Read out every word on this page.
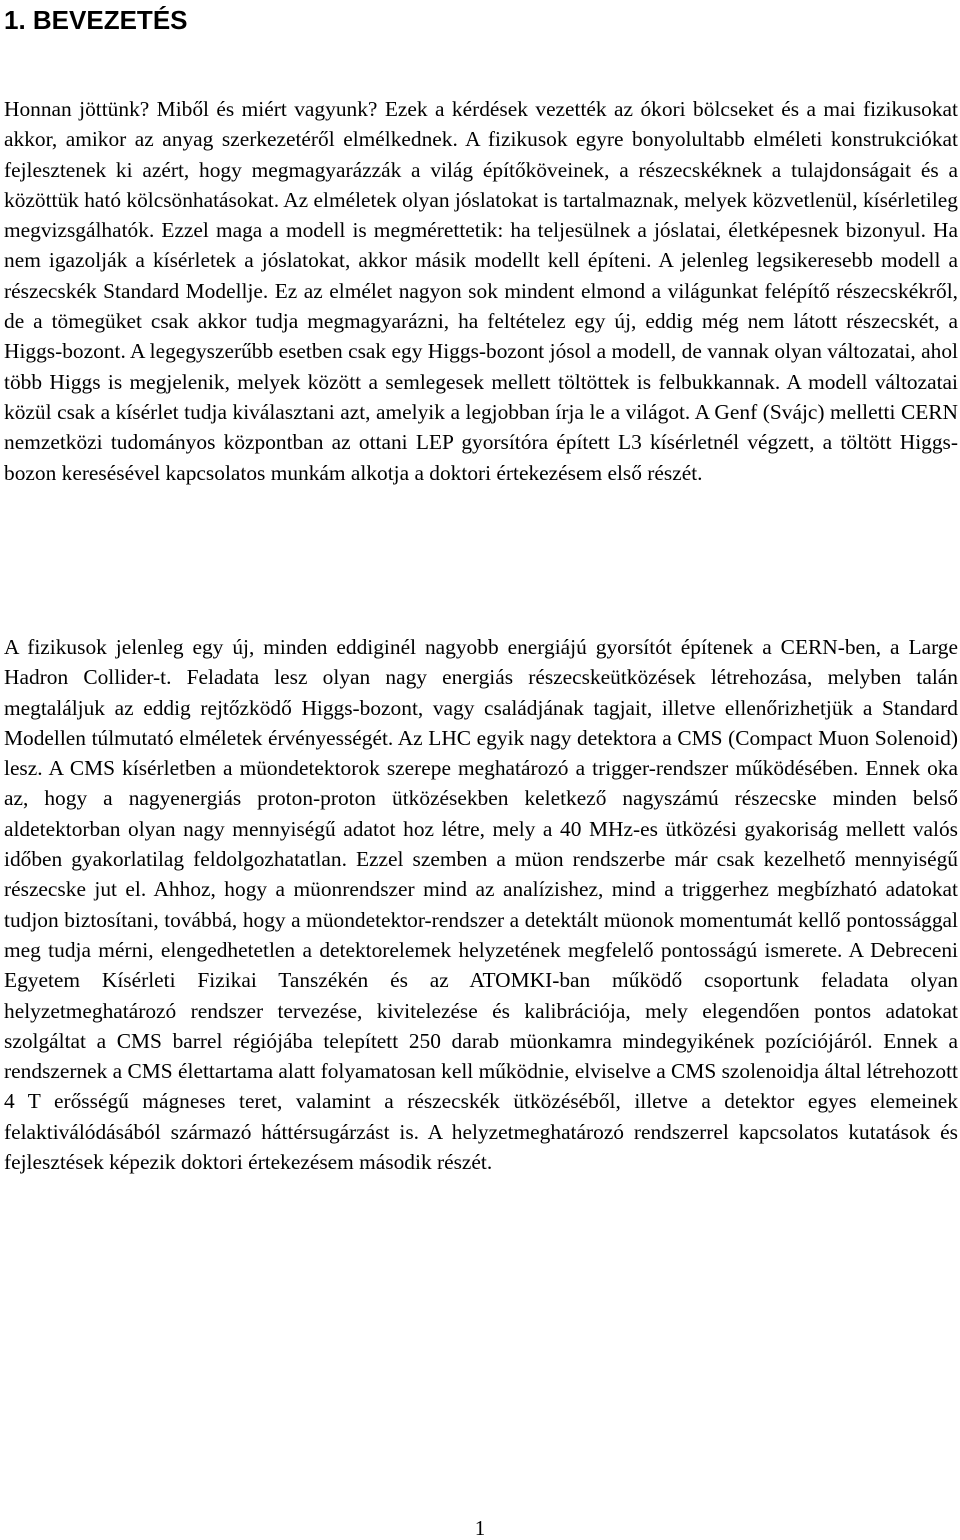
1. BEVEZETÉS

Honnan jöttünk? Miből és miért vagyunk? Ezek a kérdések vezették az ókori bölcseket és a mai fizikusokat akkor, amikor az anyag szerkezetéről elmélkednek. A fizikusok egyre bonyolultabb elméleti konstrukciókat fejlesztenek ki azért, hogy megmagyarázzák a világ építőköveinek, a részecskéknek a tulajdonságait és a közöttük ható kölcsönhatásokat. Az elméletek olyan jóslatokat is tartalmaznak, melyek közvetlenül, kísérletileg megvizsgálhatók. Ezzel maga a modell is megmérettetik: ha teljesülnek a jóslatai, életképesnek bizonyul. Ha nem igazolják a kísérletek a jóslatokat, akkor másik modellt kell építeni. A jelenleg legsikeresebb modell a részecskék Standard Modellje. Ez az elmélet nagyon sok mindent elmond a világunkat felépítő részecskékről, de a tömegüket csak akkor tudja megmagyarázni, ha feltételez egy új, eddig még nem látott részecskét, a Higgs-bozont. A legegyszerűbb esetben csak egy Higgs-bozont jósol a modell, de vannak olyan változatai, ahol több Higgs is megjelenik, melyek között a semlegesek mellett töltöttek is felbukkannak. A modell változatai közül csak a kísérlet tudja kiválasztani azt, amelyik a legjobban írja le a világot. A Genf (Svájc) melletti CERN nemzetközi tudományos központban az ottani LEP gyorsítóra épített L3 kísérletnél végzett, a töltött Higgs-bozon keresésével kapcsolatos munkám alkotja a doktori értekezésem első részét.

A fizikusok jelenleg egy új, minden eddiginél nagyobb energiájú gyorsítót építenek a CERN-ben, a Large Hadron Collider-t. Feladata lesz olyan nagy energiás részecskeütközések létrehozása, melyben talán megtaláljuk az eddig rejtőzködő Higgs-bozont, vagy családjának tagjait, illetve ellenőrizhetjük a Standard Modellen túlmutató elméletek érvényességét. Az LHC egyik nagy detektora a CMS (Compact Muon Solenoid) lesz. A CMS kísérletben a müondetektorok szerepe meghatározó a trigger-rendszer működésében. Ennek oka az, hogy a nagyenergiás proton-proton ütközésekben keletkező nagyszámú részecske minden belső aldetektorban olyan nagy mennyiségű adatot hoz létre, mely a 40 MHz-es ütközési gyakoriság mellett valós időben gyakorlatilag feldolgozhatatlan. Ezzel szemben a müon rendszerbe már csak kezelhető mennyiségű részecske jut el. Ahhoz, hogy a müonrendszer mind az analízishez, mind a triggerhez megbízható adatokat tudjon biztosítani, továbbá, hogy a müondetektor-rendszer a detektált müonok momentumát kellő pontossággal meg tudja mérni, elengedhetetlen a detektorelemek helyzetének megfelelő pontosságú ismerete. A Debreceni Egyetem Kísérleti Fizikai Tanszékén és az ATOMKI-ban működő csoportunk feladata olyan helyzetmeghatározó rendszer tervezése, kivitelezése és kalibrációja, mely elegendően pontos adatokat szolgáltat a CMS barrel régiójába telepített 250 darab müonkamra mindegyikének pozíciójáról. Ennek a rendszernek a CMS élettartama alatt folyamatosan kell működnie, elviselve a CMS szolenoidja által létrehozott 4 T erősségű mágneses teret, valamint a részecskék ütközéséből, illetve a detektor egyes elemeinek felaktiválódásából származó háttérsugárzást is. A helyzetmeghatározó rendszerrel kapcsolatos kutatások és fejlesztések képezik doktori értekezésem második részét.

1
